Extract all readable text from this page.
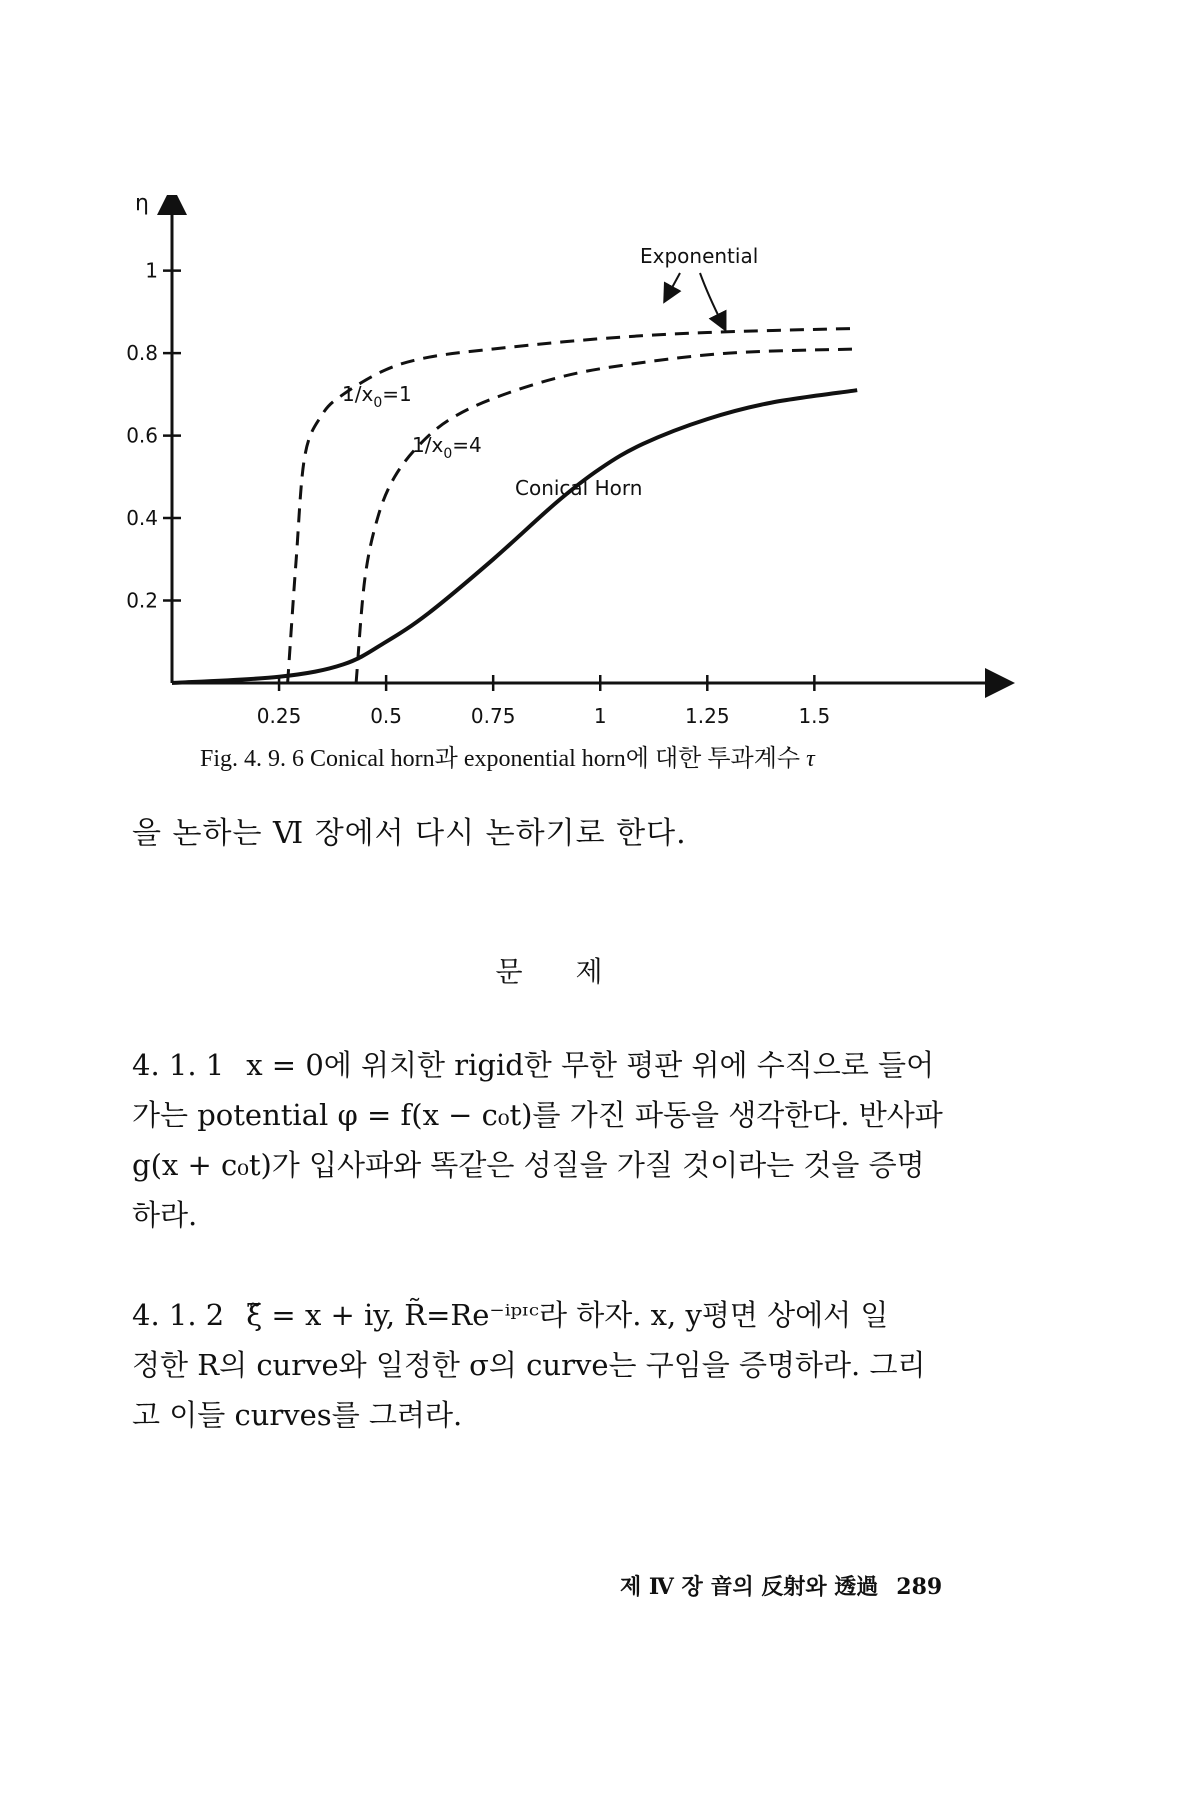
η
0.25	0.5	0.75	1	1.25	1.5
0.2
0.4
0.6
0.8
1
Exponential
$1/x_0=1$
$1/x_0=4$
Conical Horn
Fig. 4. 9. 6 Conical horn과 exponential horn에 대한 투과계수 τ
을 논하는 Ⅵ 장에서 다시 논하기로 한다.
문 제

4. 1. 1 x = 0에 위치한 rigid한 무한 평판 위에 수직으로 들어

가는 potential φ = f(x − c₀t)를 가진 파동을 생각한다. 반사파

g(x + c₀t)가 입사파와 똑같은 성질을 가질 것이라는 것을 증명

하라.

4. 1. 2 ξ̃ = x + iy, R̃=Re⁻ⁱᵖᶦᶜ라 하자. x, y평면 상에서 일

정한 R의 curve와 일정한 σ의 curve는 구임을 증명하라. 그리

고 이들 curves를 그려라.

제 Ⅳ 장 音의 反射와 透過 289
